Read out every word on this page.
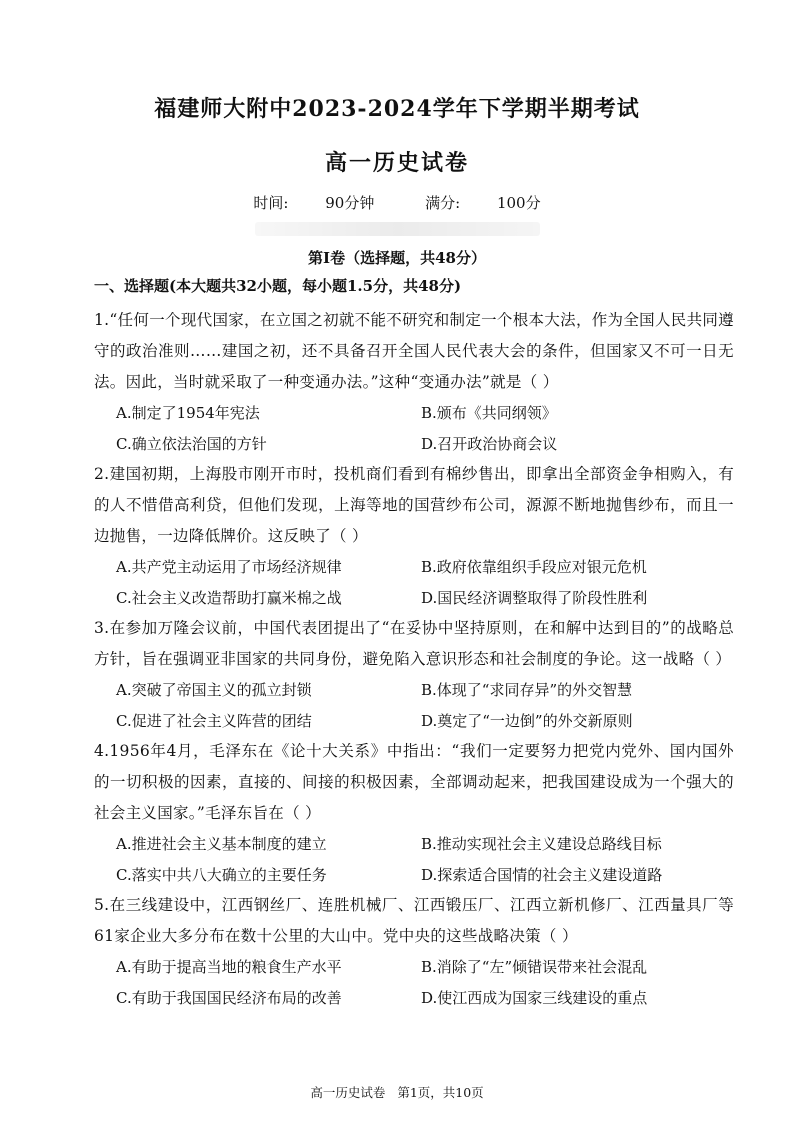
福建师大附中2023-2024学年下学期半期考试
高一历史试卷
时间: 90分钟	满分: 100分
第Ⅰ卷（选择题，共48分）
一、选择题(本大题共32小题，每小题1.5分，共48分)
1.“任何一个现代国家，在立国之初就不能不研究和制定一个根本大法，作为全国人民共同遵守的政治准则……建国之初，还不具备召开全国人民代表大会的条件，但国家又不可一日无法。因此，当时就采取了一种变通办法。”这种“变通办法”就是（ ）
A.制定了1954年宪法	B.颁布《共同纲领》
C.确立依法治国的方针	D.召开政治协商会议
2.建国初期，上海股市刚开市时，投机商们看到有棉纱售出，即拿出全部资金争相购入，有的人不惜借高利贷，但他们发现，上海等地的国营纱布公司，源源不断地抛售纱布，而且一边抛售，一边降低牌价。这反映了（ ）
A.共产党主动运用了市场经济规律	B.政府依靠组织手段应对银元危机
C.社会主义改造帮助打赢米棉之战	D.国民经济调整取得了阶段性胜利
3.在参加万隆会议前，中国代表团提出了“在妥协中坚持原则，在和解中达到目的”的战略总方针，旨在强调亚非国家的共同身份，避免陷入意识形态和社会制度的争论。这一战略（ ）
A.突破了帝国主义的孤立封锁	B.体现了“求同存异”的外交智慧
C.促进了社会主义阵营的团结	D.奠定了“一边倒”的外交新原则
4.1956年4月，毛泽东在《论十大关系》中指出：“我们一定要努力把党内党外、国内国外的一切积极的因素，直接的、间接的积极因素，全部调动起来，把我国建设成为一个强大的社会主义国家。”毛泽东旨在（ ）
A.推进社会主义基本制度的建立	B.推动实现社会主义建设总路线目标
C.落实中共八大确立的主要任务	D.探索适合国情的社会主义建设道路
5.在三线建设中，江西钢丝厂、连胜机械厂、江西锻压厂、江西立新机修厂、江西量具厂等61家企业大多分布在数十公里的大山中。党中央的这些战略决策（ ）
A.有助于提高当地的粮食生产水平	B.消除了“左”倾错误带来社会混乱
C.有助于我国国民经济布局的改善	D.使江西成为国家三线建设的重点
高一历史试卷 第1页，共10页
